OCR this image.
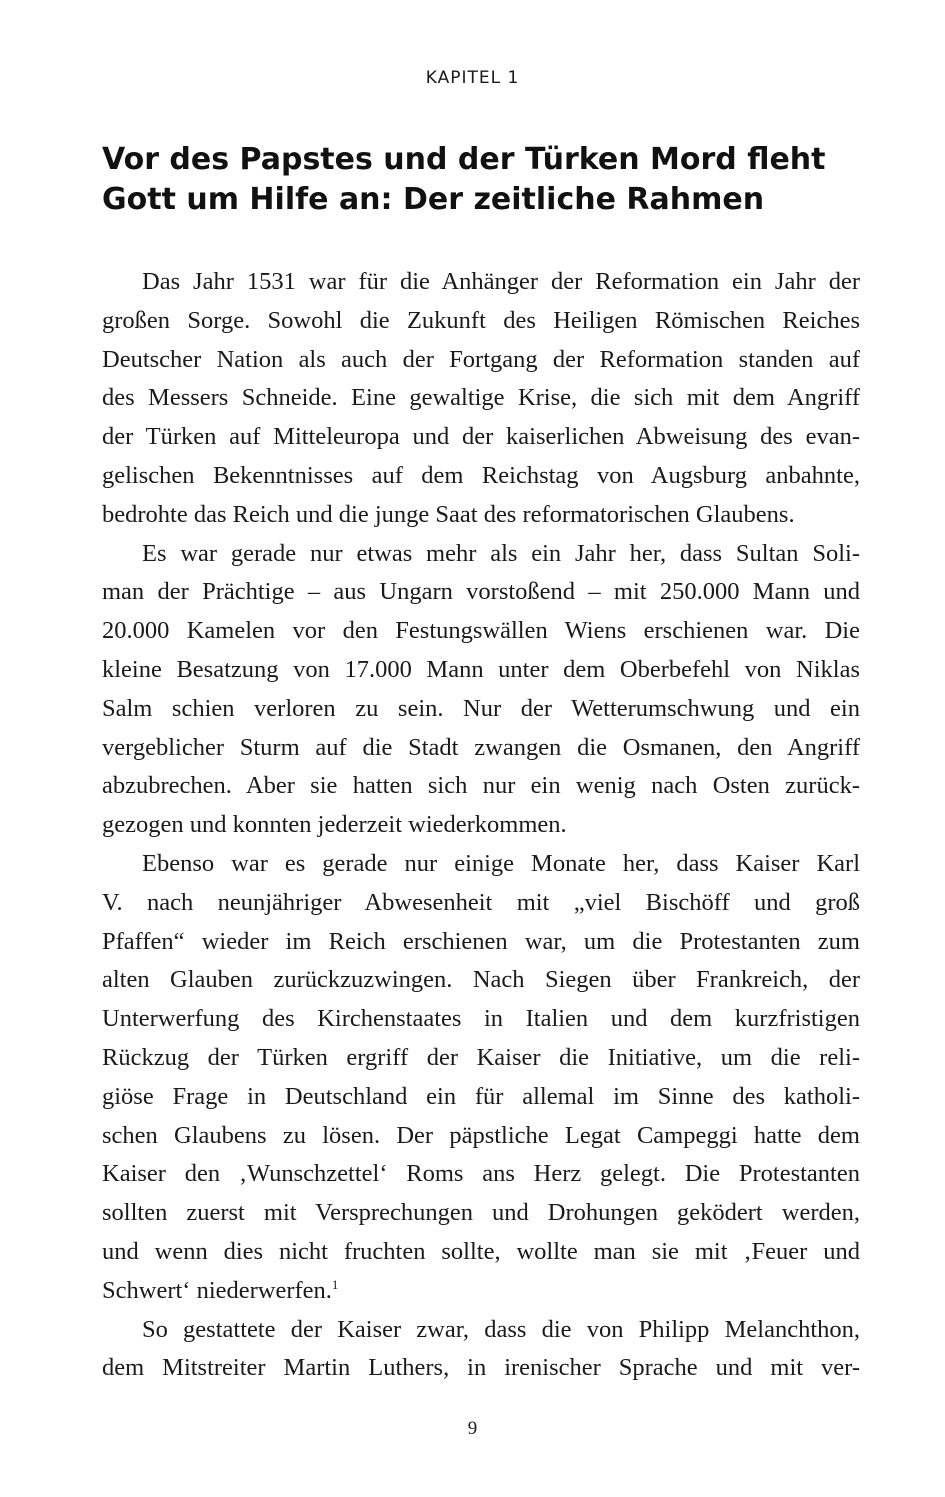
KAPITEL 1
Vor des Papstes und der Türken Mord fleht
Gott um Hilfe an: Der zeitliche Rahmen
Das Jahr 1531 war für die Anhänger der Reformation ein Jahr der
großen Sorge. Sowohl die Zukunft des Heiligen Römischen Reiches
Deutscher Nation als auch der Fortgang der Reformation standen auf
des Messers Schneide. Eine gewaltige Krise, die sich mit dem Angriff
der Türken auf Mitteleuropa und der kaiserlichen Abweisung des evan-
gelischen Bekenntnisses auf dem Reichstag von Augsburg anbahnte,
bedrohte das Reich und die junge Saat des reformatorischen Glaubens.
Es war gerade nur etwas mehr als ein Jahr her, dass Sultan Soli-
man der Prächtige – aus Ungarn vorstoßend – mit 250.000 Mann und
20.000 Kamelen vor den Festungswällen Wiens erschienen war. Die
kleine Besatzung von 17.000 Mann unter dem Oberbefehl von Niklas
Salm schien verloren zu sein. Nur der Wetterumschwung und ein
vergeblicher Sturm auf die Stadt zwangen die Osmanen, den Angriff
abzubrechen. Aber sie hatten sich nur ein wenig nach Osten zurück-
gezogen und konnten jederzeit wiederkommen.
Ebenso war es gerade nur einige Monate her, dass Kaiser Karl
V. nach neunjähriger Abwesenheit mit „viel Bischöff und groß
Pfaffen“ wieder im Reich erschienen war, um die Protestanten zum
alten Glauben zurückzuzwingen. Nach Siegen über Frankreich, der
Unterwerfung des Kirchenstaates in Italien und dem kurzfristigen
Rückzug der Türken ergriff der Kaiser die Initiative, um die reli-
giöse Frage in Deutschland ein für allemal im Sinne des katholi-
schen Glaubens zu lösen. Der päpstliche Legat Campeggi hatte dem
Kaiser den ‚Wunschzettel‘ Roms ans Herz gelegt. Die Protestanten
sollten zuerst mit Versprechungen und Drohungen geködert werden,
und wenn dies nicht fruchten sollte, wollte man sie mit ‚Feuer und
Schwert‘ niederwerfen.$^1$
So gestattete der Kaiser zwar, dass die von Philipp Melanchthon,
dem Mitstreiter Martin Luthers, in irenischer Sprache und mit ver-
9
